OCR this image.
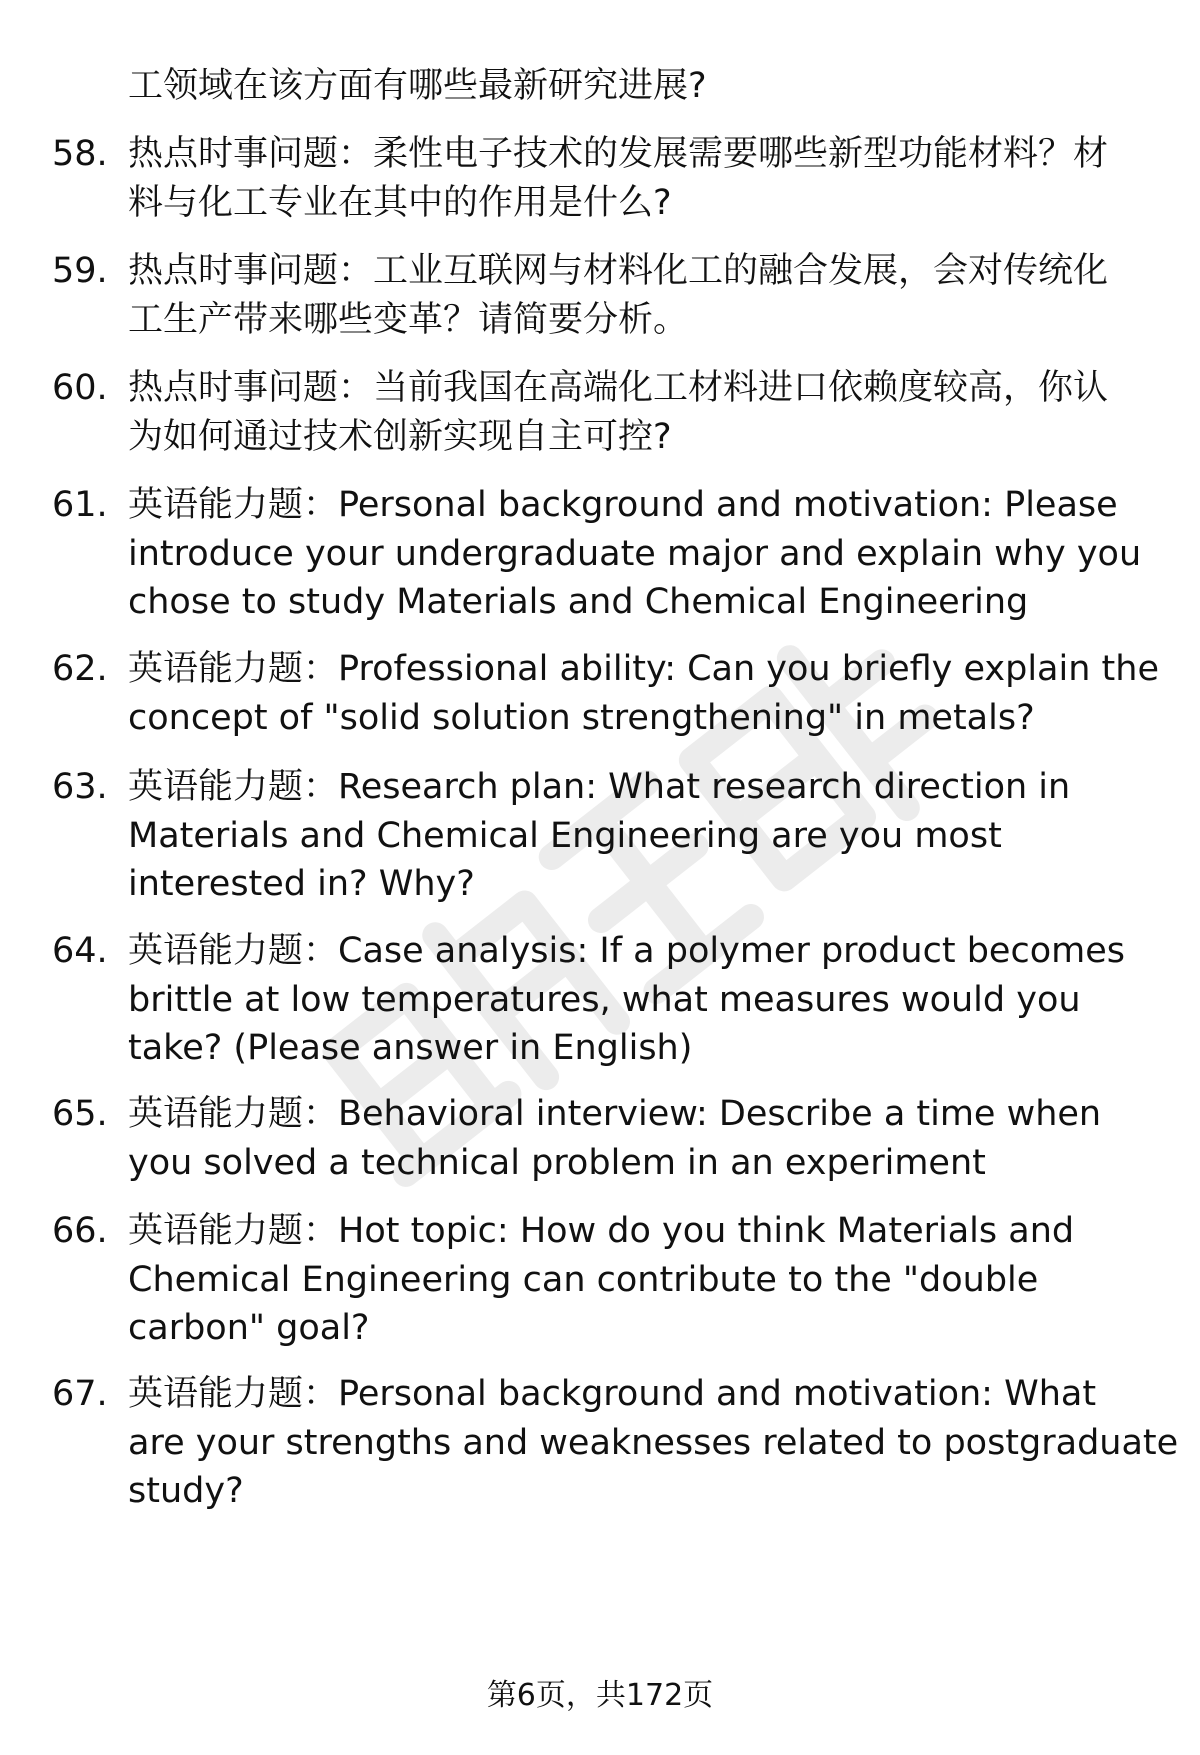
工领域在该方面有哪些最新研究进展?
58. 热点时事问题：柔性电子技术的发展需要哪些新型功能材料？材
料与化工专业在其中的作用是什么?
59. 热点时事问题：工业互联网与材料化工的融合发展，会对传统化
工生产带来哪些变革？请简要分析。
60. 热点时事问题：当前我国在高端化工材料进口依赖度较高，你认
为如何通过技术创新实现自主可控?
61. 英语能力题：Personal background and motivation: Please
introduce your undergraduate major and explain why you
chose to study Materials and Chemical Engineering
62. 英语能力题：Professional ability: Can you briefly explain the
concept of "solid solution strengthening" in metals?
63. 英语能力题：Research plan: What research direction in
Materials and Chemical Engineering are you most
interested in? Why?
64. 英语能力题：Case analysis: If a polymer product becomes
brittle at low temperatures, what measures would you
take? (Please answer in English)
65. 英语能力题：Behavioral interview: Describe a time when
you solved a technical problem in an experiment
66. 英语能力题：Hot topic: How do you think Materials and
Chemical Engineering can contribute to the "double
carbon" goal?
67. 英语能力题：Personal background and motivation: What
are your strengths and weaknesses related to postgraduate
study?
第6页，共172页
